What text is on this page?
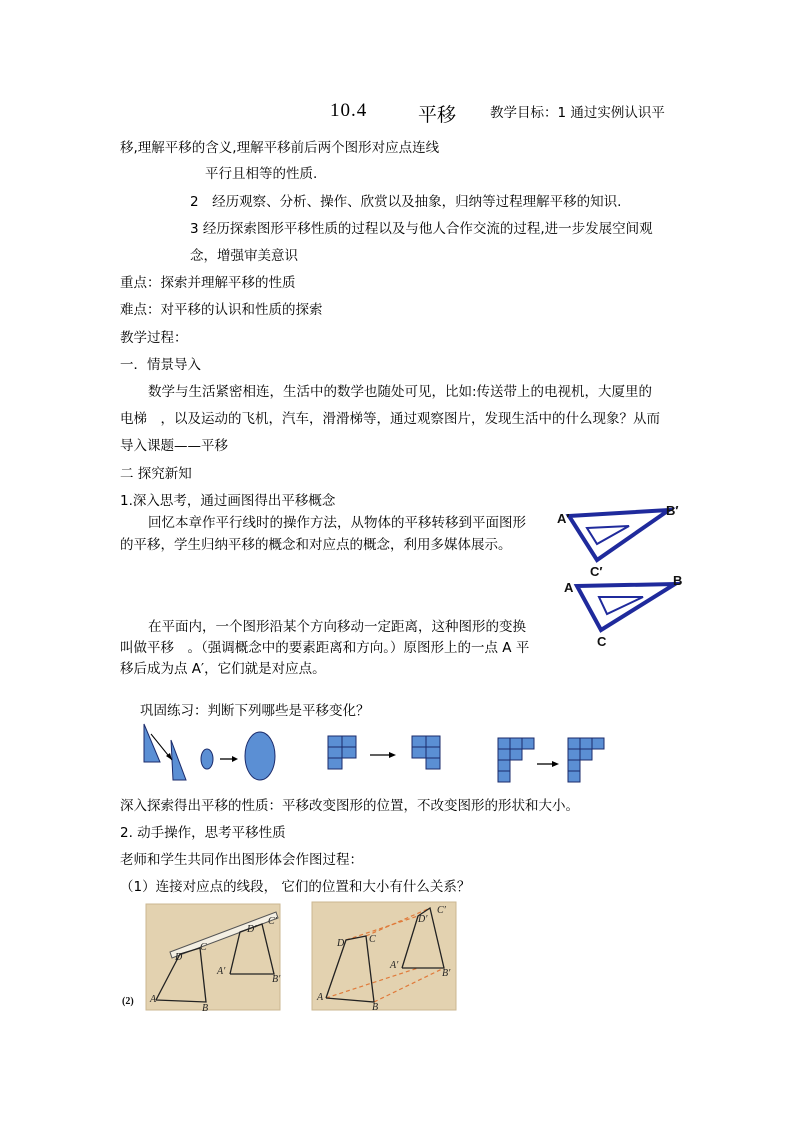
10.4	平移	教学目标：1 通过实例认识平
移,理解平移的含义,理解平移前后两个图形对应点连线
平行且相等的性质.
2　经历观察、分析、操作、欣赏以及抽象，归纳等过程理解平移的知识.
3 经历探索图形平移性质的过程以及与他人合作交流的过程,进一步发展空间观
念，增强审美意识
重点：探索并理解平移的性质
难点：对平移的认识和性质的探索
教学过程：
一．情景导入
数学与生活紧密相连，生活中的数学也随处可见，比如:传送带上的电视机，大厦里的
电梯　，以及运动的飞机，汽车，滑滑梯等，通过观察图片，发现生活中的什么现象？从而
导入课题——平移
二 探究新知
1.深入思考，通过画图得出平移概念
回忆本章作平行线时的操作方法，从物体的平移转移到平面图形
的平移，学生归纳平移的概念和对应点的概念，利用多媒体展示。
在平面内，一个图形沿某个方向移动一定距离，这种图形的变换
叫做平移　。（强调概念中的要素距离和方向。）原图形上的一点 A 平
移后成为点 A′，它们就是对应点。
A′
B′
C′
A	B
C
巩固练习：判断下列哪些是平移变化？
深入探索得出平移的性质：平移改变图形的位置，不改变图形的形状和大小。
2. 动手操作，思考平移性质
老师和学生共同作出图形体会作图过程：
（1）连接对应点的线段， 它们的位置和大小有什么关系？
(2) A
B
C
D
A′
B′
C′
D′
A
B
C
D
A′
B′
C′
D′
